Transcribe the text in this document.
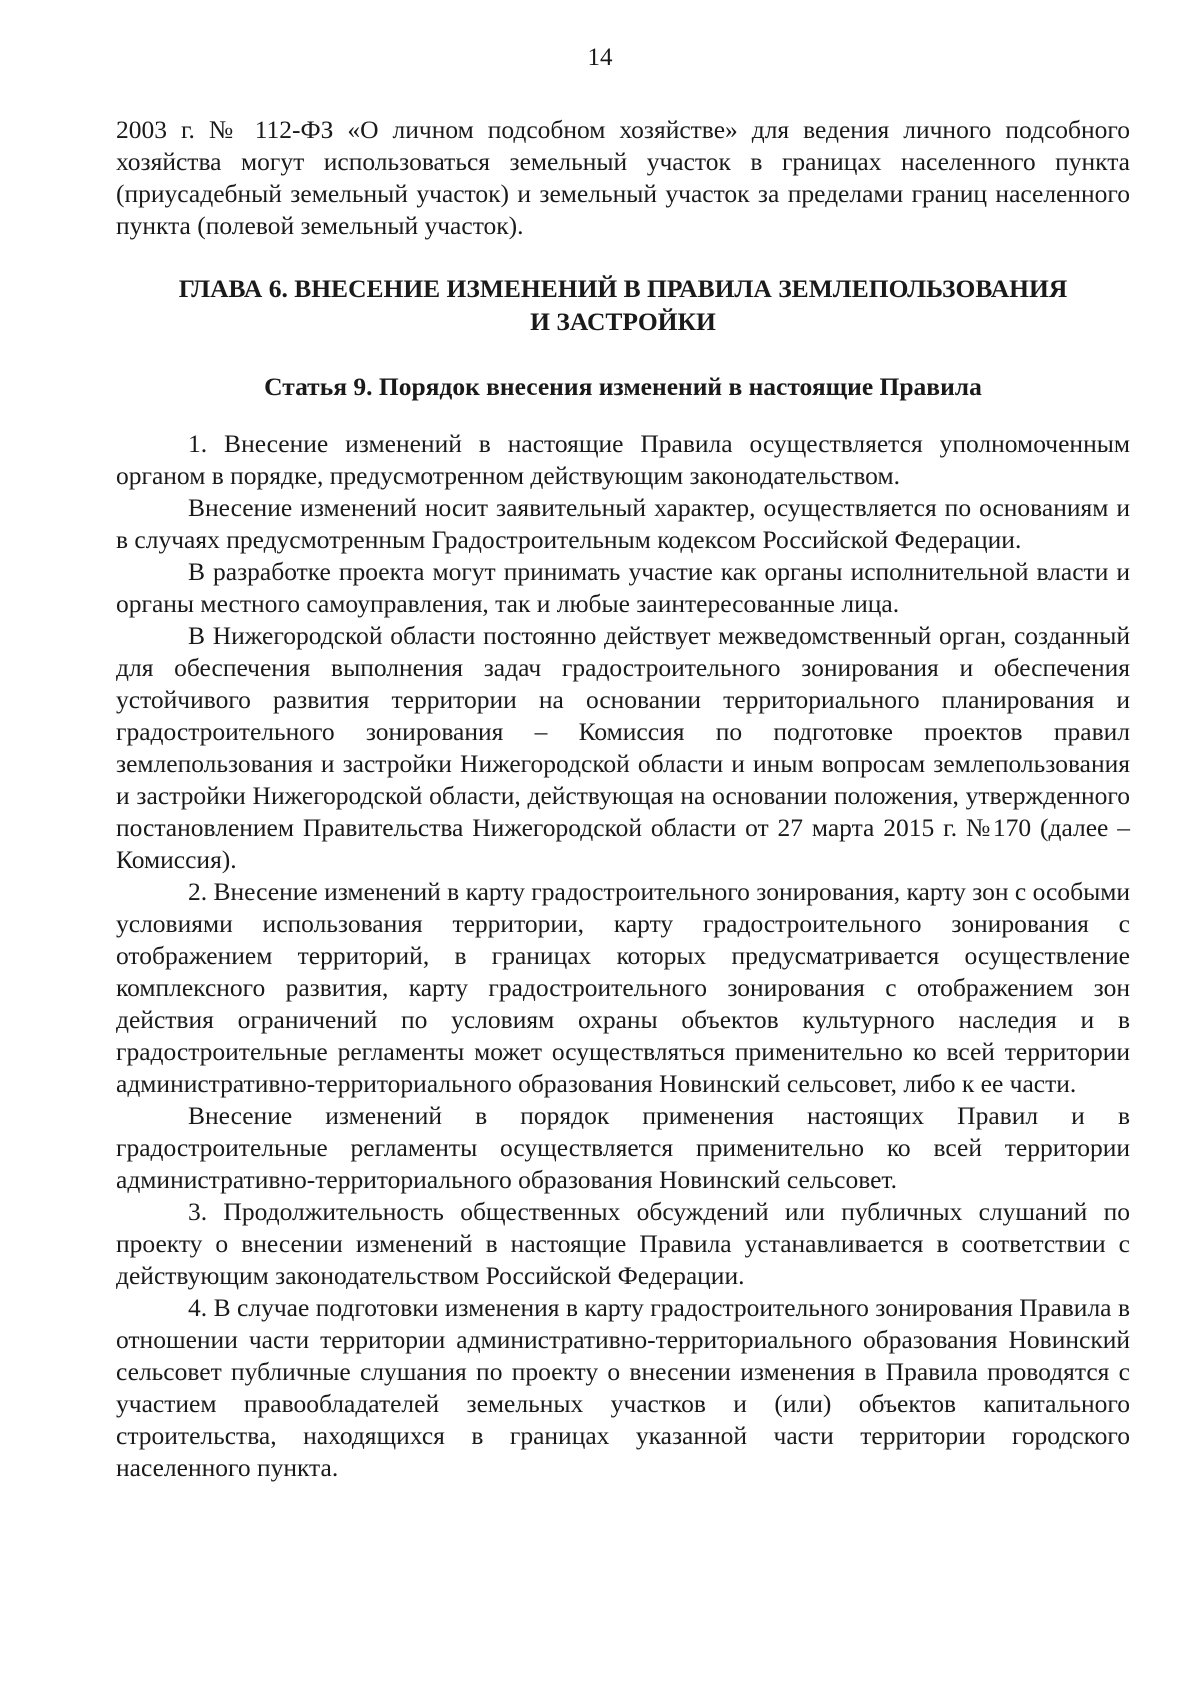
14

2003 г. № 112-ФЗ «О личном подсобном хозяйстве» для ведения личного подсобного хозяйства могут использоваться земельный участок в границах населенного пункта (приусадебный земельный участок) и земельный участок за пределами границ населенного пункта (полевой земельный участок).

ГЛАВА 6. ВНЕСЕНИЕ ИЗМЕНЕНИЙ В ПРАВИЛА ЗЕМЛЕПОЛЬЗОВАНИЯ
И ЗАСТРОЙКИ
Статья 9. Порядок внесения изменений в настоящие Правила

1. Внесение изменений в настоящие Правила осуществляется уполномоченным органом в порядке, предусмотренном действующим законодательством.

Внесение изменений носит заявительный характер, осуществляется по основаниям и в случаях предусмотренным Градостроительным кодексом Российской Федерации.

В разработке проекта могут принимать участие как органы исполнительной власти и органы местного самоуправления, так и любые заинтересованные лица.

В Нижегородской области постоянно действует межведомственный орган, созданный для обеспечения выполнения задач градостроительного зонирования и обеспечения устойчивого развития территории на основании территориального планирования и градостроительного зонирования – Комиссия по подготовке проектов правил землепользования и застройки Нижегородской области и иным вопросам землепользования и застройки Нижегородской области, действующая на основании положения, утвержденного постановлением Правительства Нижегородской области от 27 марта 2015 г. №170 (далее – Комиссия).

2. Внесение изменений в карту градостроительного зонирования, карту зон с особыми условиями использования территории, карту градостроительного зонирования с отображением территорий, в границах которых предусматривается осуществление комплексного развития, карту градостроительного зонирования с отображением зон действия ограничений по условиям охраны объектов культурного наследия и в градостроительные регламенты может осуществляться применительно ко всей территории административно-территориального образования Новинский сельсовет, либо к ее части.

Внесение изменений в порядок применения настоящих Правил и в градостроительные регламенты осуществляется применительно ко всей территории административно-территориального образования Новинский сельсовет.

3. Продолжительность общественных обсуждений или публичных слушаний по проекту о внесении изменений в настоящие Правила устанавливается в соответствии с действующим законодательством Российской Федерации.

4. В случае подготовки изменения в карту градостроительного зонирования Правила в отношении части территории административно-территориального образования Новинский сельсовет публичные слушания по проекту о внесении изменения в Правила проводятся с участием правообладателей земельных участков и (или) объектов капитального строительства, находящихся в границах указанной части территории городского населенного пункта.
